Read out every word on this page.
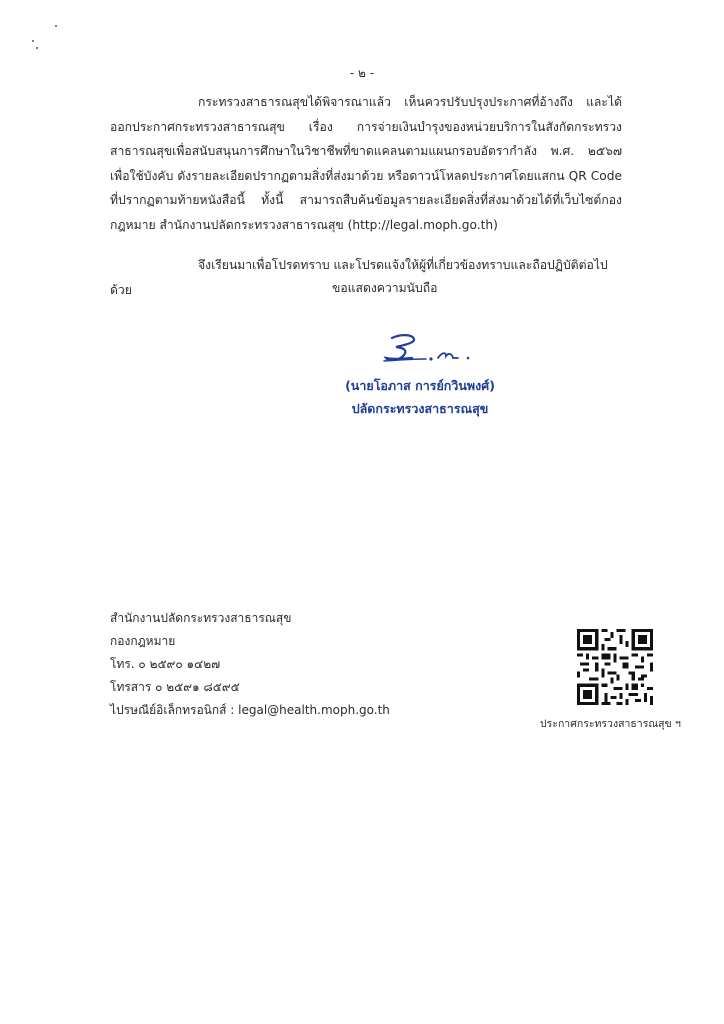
- ๒ -
กระทรวงสาธารณสุขได้พิจารณาแล้ว เห็นควรปรับปรุงประกาศที่อ้างถึง และได้ออกประกาศกระทรวงสาธารณสุข เรื่อง การจ่ายเงินบำรุงของหน่วยบริการในสังกัดกระทรวงสาธารณสุขเพื่อสนับสนุนการศึกษาในวิชาชีพที่ขาดแคลนตามแผนกรอบอัตรากำลัง พ.ศ. ๒๕๖๗ เพื่อใช้บังคับ ดังรายละเอียดปรากฏตามสิ่งที่ส่งมาด้วย หรือดาวน์โหลดประกาศโดยแสกน QR Code ที่ปรากฏตามท้ายหนังสือนี้ ทั้งนี้ สามารถสืบค้นข้อมูลรายละเอียดสิ่งที่ส่งมาด้วยได้ที่เว็บไซต์กองกฎหมาย สำนักงานปลัดกระทรวงสาธารณสุข (http://legal.moph.go.th)
จึงเรียนมาเพื่อโปรดทราบ และโปรดแจ้งให้ผู้ที่เกี่ยวข้องทราบและถือปฏิบัติต่อไปด้วย	ขอแสดงความนับถือ
(นายโอภาส การย์กวินพงศ์)
ปลัดกระทรวงสาธารณสุข
สำนักงานปลัดกระทรวงสาธารณสุข
กองกฎหมาย
โทร. ๐ ๒๕๙๐ ๑๔๒๗
โทรสาร ๐ ๒๕๙๑ ๘๕๙๕
ไปรษณีย์อิเล็กทรอนิกส์ : legal@health.moph.go.th
ประกาศกระทรวงสาธารณสุข ฯ
